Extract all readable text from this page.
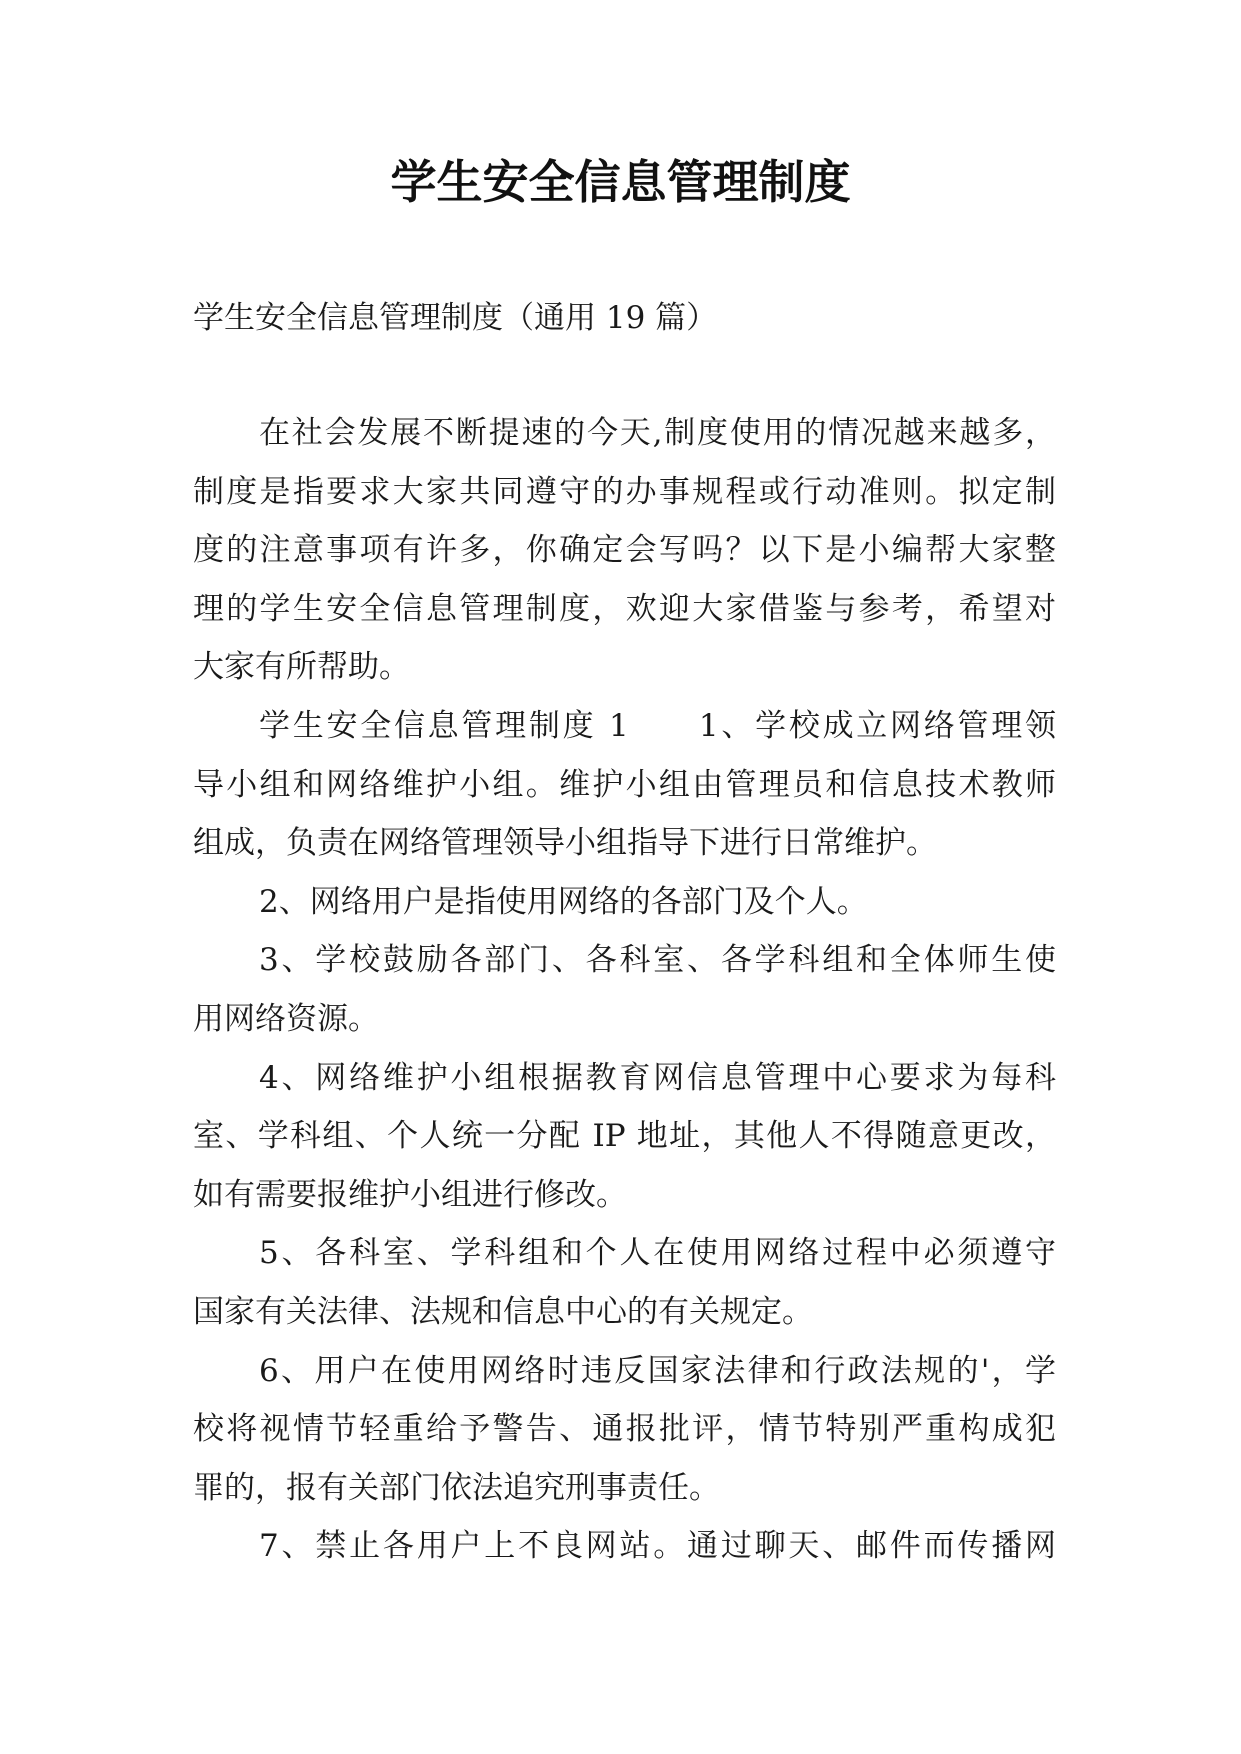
学生安全信息管理制度
学生安全信息管理制度（通用 19 篇）
在社会发展不断提速的今天,制度使用的情况越来越多，
制度是指要求大家共同遵守的办事规程或行动准则。拟定制
度的注意事项有许多，你确定会写吗？以下是小编帮大家整
理的学生安全信息管理制度，欢迎大家借鉴与参考，希望对
大家有所帮助。
学生安全信息管理制度 1　　1、学校成立网络管理领
导小组和网络维护小组。维护小组由管理员和信息技术教师
组成，负责在网络管理领导小组指导下进行日常维护。
2、网络用户是指使用网络的各部门及个人。
3、学校鼓励各部门、各科室、各学科组和全体师生使
用网络资源。
4、网络维护小组根据教育网信息管理中心要求为每科
室、学科组、个人统一分配 IP 地址，其他人不得随意更改，
如有需要报维护小组进行修改。
5、各科室、学科组和个人在使用网络过程中必须遵守
国家有关法律、法规和信息中心的有关规定。
6、用户在使用网络时违反国家法律和行政法规的'，学
校将视情节轻重给予警告、通报批评，情节特别严重构成犯
罪的，报有关部门依法追究刑事责任。
7、禁止各用户上不良网站。通过聊天、邮件而传播网
